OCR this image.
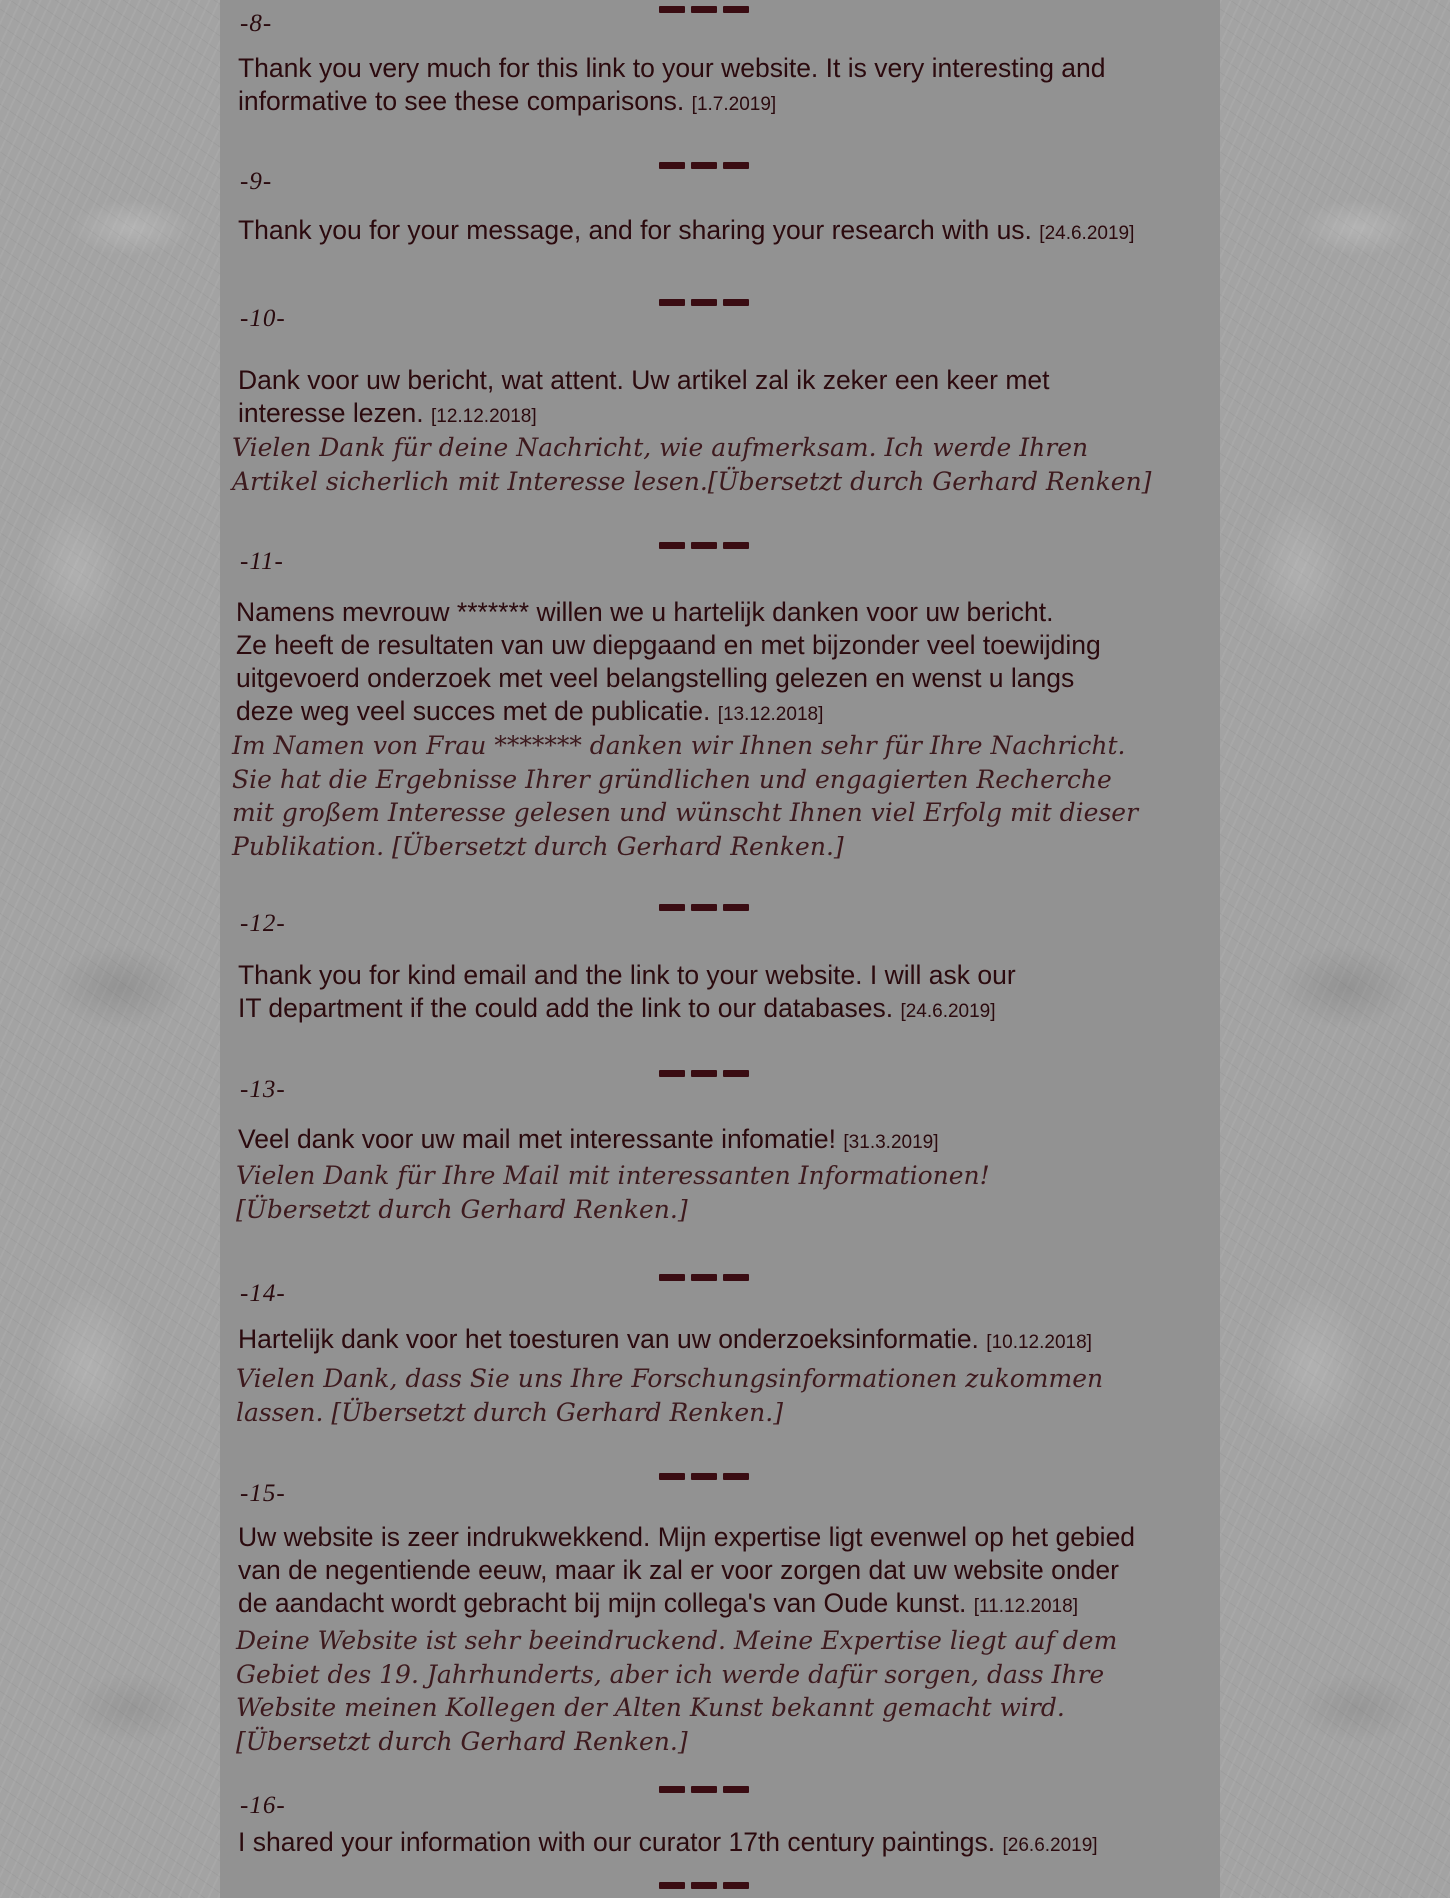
-8-
Thank you very much for this link to your website. It is very interesting and
informative to see these comparisons. [1.7.2019]
-9-
Thank you for your message, and for sharing your research with us. [24.6.2019]
-10-
Dank voor uw bericht, wat attent. Uw artikel zal ik zeker een keer met
interesse lezen. [12.12.2018]
Vielen Dank für deine Nachricht, wie aufmerksam. Ich werde Ihren
Artikel sicherlich mit Interesse lesen.[Übersetzt durch Gerhard Renken]
-11-
Namens mevrouw ******* willen we u hartelijk danken voor uw bericht.
Ze heeft de resultaten van uw diepgaand en met bijzonder veel toewijding
uitgevoerd onderzoek met veel belangstelling gelezen en wenst u langs
deze weg veel succes met de publicatie. [13.12.2018]
Im Namen von Frau ******* danken wir Ihnen sehr für Ihre Nachricht.
Sie hat die Ergebnisse Ihrer gründlichen und engagierten Recherche
mit großem Interesse gelesen und wünscht Ihnen viel Erfolg mit dieser
Publikation. [Übersetzt durch Gerhard Renken.]
-12-
Thank you for kind email and the link to your website. I will ask our
IT department if the could add the link to our databases. [24.6.2019]
-13-
Veel dank voor uw mail met interessante infomatie! [31.3.2019]
Vielen Dank für Ihre Mail mit interessanten Informationen!
[Übersetzt durch Gerhard Renken.]
-14-
Hartelijk dank voor het toesturen van uw onderzoeksinformatie. [10.12.2018]
Vielen Dank, dass Sie uns Ihre Forschungsinformationen zukommen
lassen. [Übersetzt durch Gerhard Renken.]
-15-
Uw website is zeer indrukwekkend. Mijn expertise ligt evenwel op het gebied
van de negentiende eeuw, maar ik zal er voor zorgen dat uw website onder
de aandacht wordt gebracht bij mijn collega's van Oude kunst. [11.12.2018]
Deine Website ist sehr beeindruckend. Meine Expertise liegt auf dem
Gebiet des 19. Jahrhunderts, aber ich werde dafür sorgen, dass Ihre
Website meinen Kollegen der Alten Kunst bekannt gemacht wird.
[Übersetzt durch Gerhard Renken.]
-16-
I shared your information with our curator 17th century paintings. [26.6.2019]
